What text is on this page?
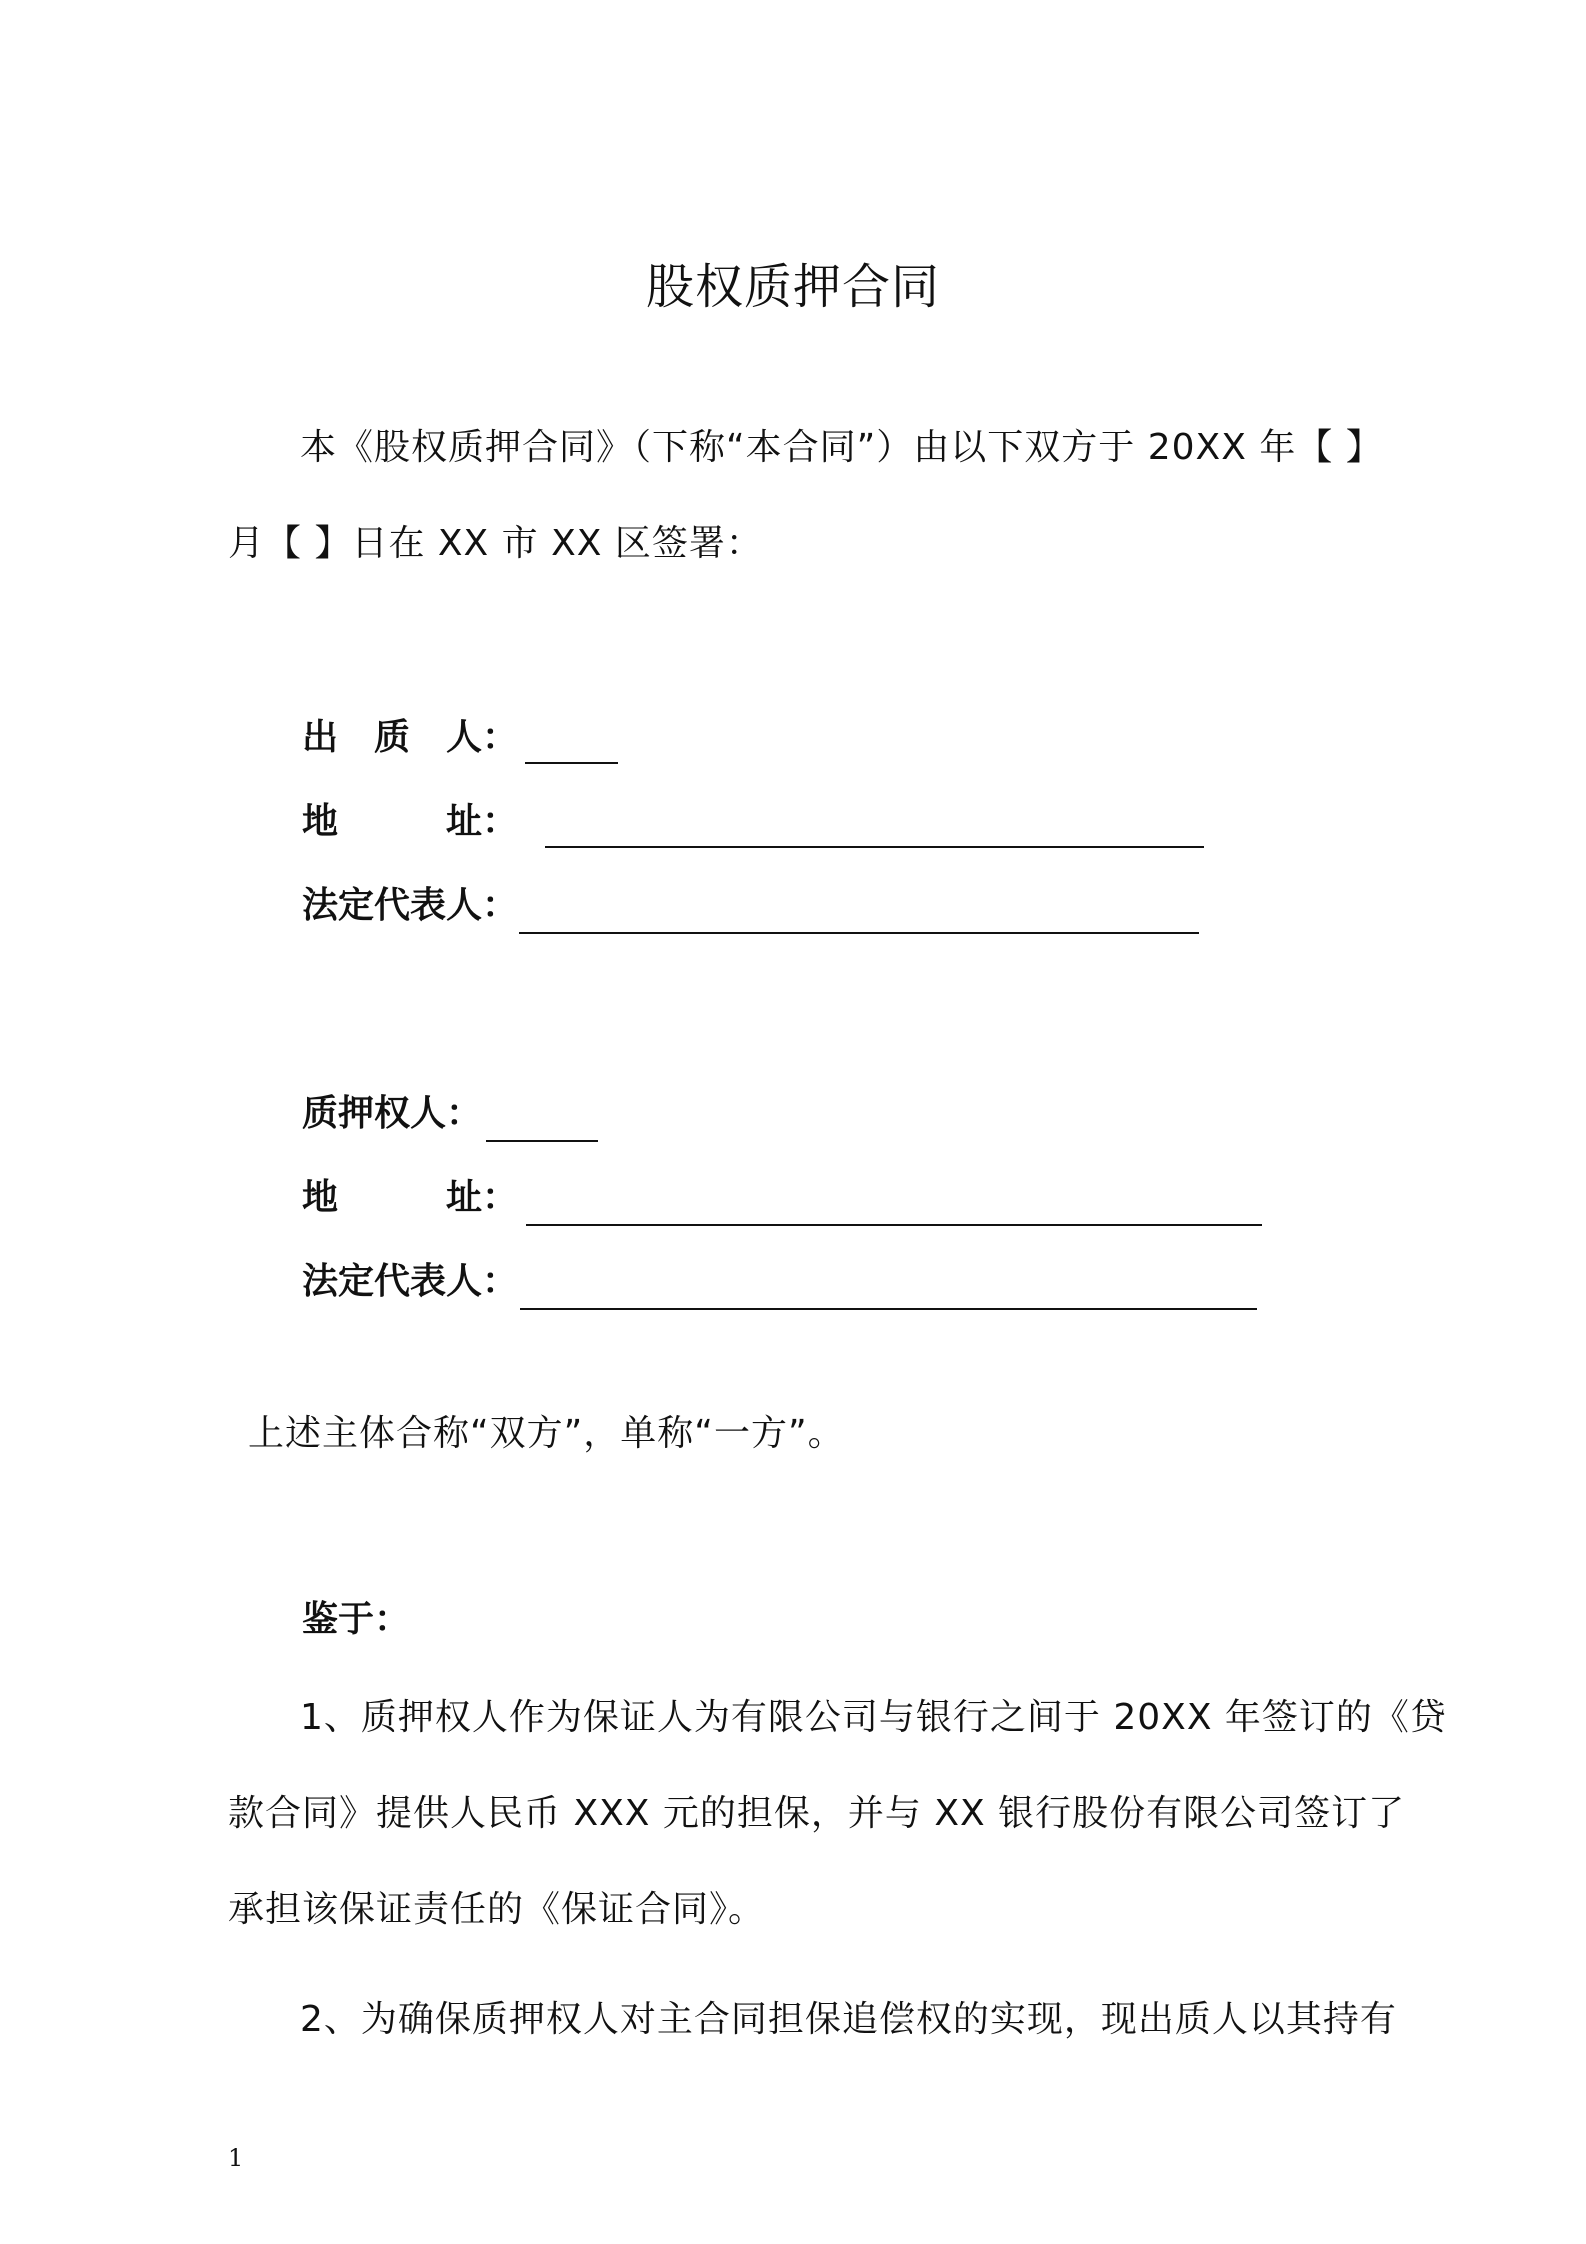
股权质押合同
本《股权质押合同》（下称“本合同”）由以下双方于 20XX 年【 】
月【 】日在 XX 市 XX 区签署：
出　质　人：
地　　　址：
法定代表人：
质押权人：
地　　　址：
法定代表人：
上述主体合称“双方”，单称“一方”。
鉴于：
1、质押权人作为保证人为有限公司与银行之间于 20XX 年签订的《贷
款合同》提供人民币 XXX 元的担保，并与 XX 银行股份有限公司签订了
承担该保证责任的《保证合同》。
2、为确保质押权人对主合同担保追偿权的实现，现出质人以其持有
1
